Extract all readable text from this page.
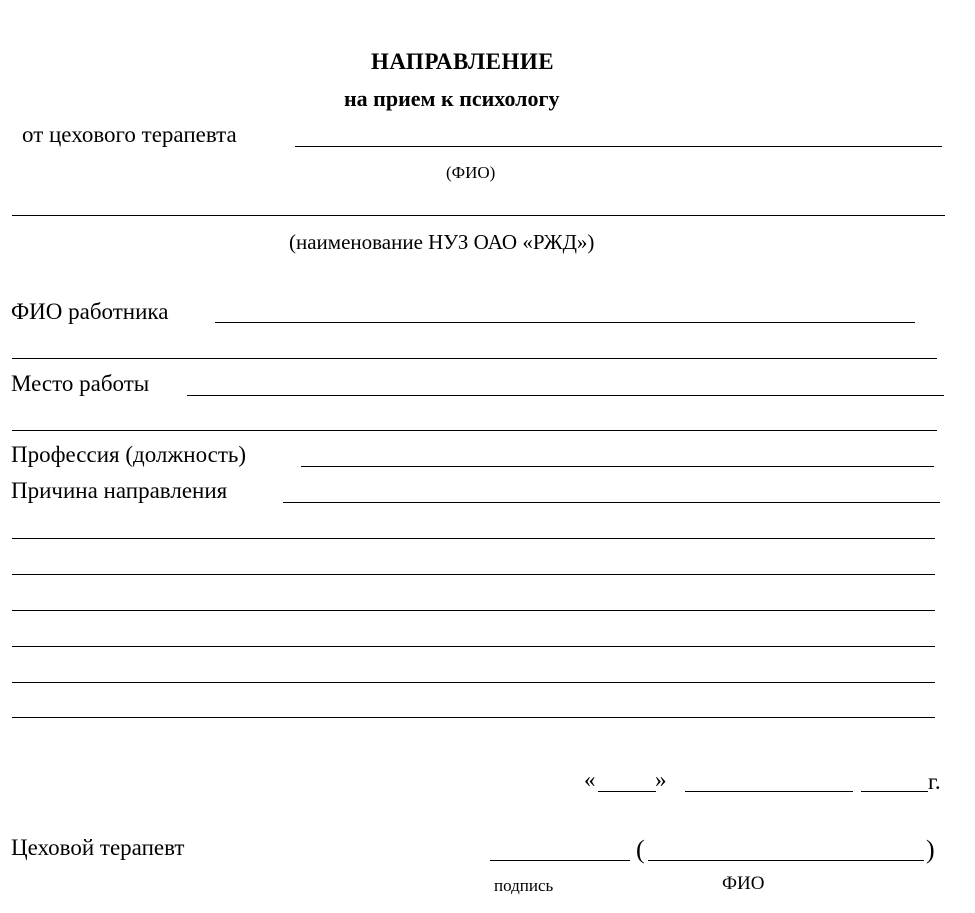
НАПРАВЛЕНИЕ
на прием к психологу
от цехового терапевта
(ФИО)
(наименование НУЗ ОАО «РЖД»)
ФИО работника
Место работы
Профессия (должность)
Причина направления
«	»	г.
Цеховой терапевт	(	)
подпись	ФИО
